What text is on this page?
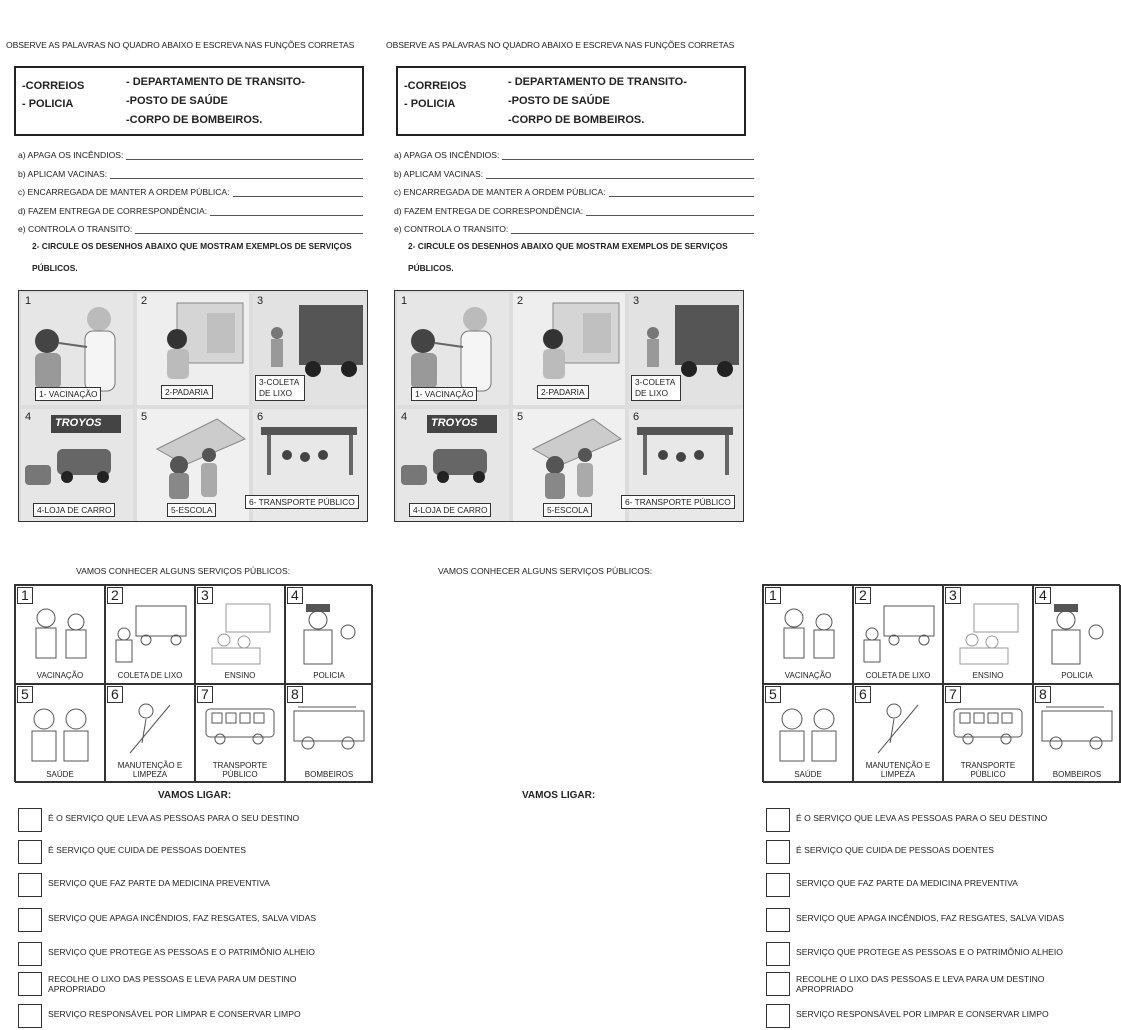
OBSERVE AS PALAVRAS NO QUADRO ABAIXO E ESCREVA NAS FUNÇÕES CORRETAS
-CORREIOS
- POLICIA
- DEPARTAMENTO DE TRANSITO-
-POSTO DE SAÚDE
-CORPO DE BOMBEIROS.
a) APAGA OS INCÊNDIOS:
b) APLICAM VACINAS:
c) ENCARREGADA DE MANTER A ORDEM PÚBLICA:
d) FAZEM ENTREGA DE CORRESPONDÊNCIA:
e) CONTROLA O TRANSITO:
2- CIRCULE OS DESENHOS ABAIXO QUE MOSTRAM EXEMPLOS DE SERVIÇOS PÚBLICOS.
1
1- VACINAÇÃO
2
2-PADARIA
3
3-COLETA DE LIXO
4 TROYOS
4-LOJA DE CARRO
5
5-ESCOLA
6
6- TRANSPORTE PÚBLICO
VAMOS CONHECER ALGUNS SERVIÇOS PÚBLICOS:
1
VACINAÇÃO
2
COLETA DE LIXO
3
ENSINO
4
POLICIA
5
SAÚDE
6
MANUTENÇÃO E LIMPEZA
7
TRANSPORTE PÚBLICO
8
BOMBEIROS
VAMOS LIGAR:
É O SERVIÇO QUE LEVA AS PESSOAS PARA O SEU DESTINO
É SERVIÇO QUE CUIDA DE PESSOAS DOENTES
SERVIÇO QUE FAZ PARTE DA MEDICINA PREVENTIVA
SERVIÇO QUE APAGA INCÊNDIOS, FAZ RESGATES, SALVA VIDAS
SERVIÇO QUE PROTEGE AS PESSOAS E O PATRIMÔNIO ALHEIO
RECOLHE O LIXO DAS PESSOAS E LEVA PARA UM DESTINO APROPRIADO
SERVIÇO RESPONSÁVEL POR LIMPAR E CONSERVAR LIMPO
OBSERVE AS PALAVRAS NO QUADRO ABAIXO E ESCREVA NAS FUNÇÕES CORRETAS
-CORREIOS
- POLICIA
- DEPARTAMENTO DE TRANSITO-
-POSTO DE SAÚDE
-CORPO DE BOMBEIROS.
a) APAGA OS INCÊNDIOS:
b) APLICAM VACINAS:
c) ENCARREGADA DE MANTER A ORDEM PÚBLICA:
d) FAZEM ENTREGA DE CORRESPONDÊNCIA:
e) CONTROLA O TRANSITO:
2- CIRCULE OS DESENHOS ABAIXO QUE MOSTRAM EXEMPLOS DE SERVIÇOS PÚBLICOS.
1
1- VACINAÇÃO
2
2-PADARIA
3
3-COLETA DE LIXO
4 TROYOS
4-LOJA DE CARRO
5
5-ESCOLA
6
6- TRANSPORTE PÚBLICO
VAMOS CONHECER ALGUNS SERVIÇOS PÚBLICOS:
1
VACINAÇÃO
2
COLETA DE LIXO
3
ENSINO
4
POLICIA
5
SAÚDE
6
MANUTENÇÃO E LIMPEZA
7
TRANSPORTE PÚBLICO
8
BOMBEIROS
VAMOS LIGAR:
É O SERVIÇO QUE LEVA AS PESSOAS PARA O SEU DESTINO
É SERVIÇO QUE CUIDA DE PESSOAS DOENTES
SERVIÇO QUE FAZ PARTE DA MEDICINA PREVENTIVA
SERVIÇO QUE APAGA INCÊNDIOS, FAZ RESGATES, SALVA VIDAS
SERVIÇO QUE PROTEGE AS PESSOAS E O PATRIMÔNIO ALHEIO
RECOLHE O LIXO DAS PESSOAS E LEVA PARA UM DESTINO APROPRIADO
SERVIÇO RESPONSÁVEL POR LIMPAR E CONSERVAR LIMPO
